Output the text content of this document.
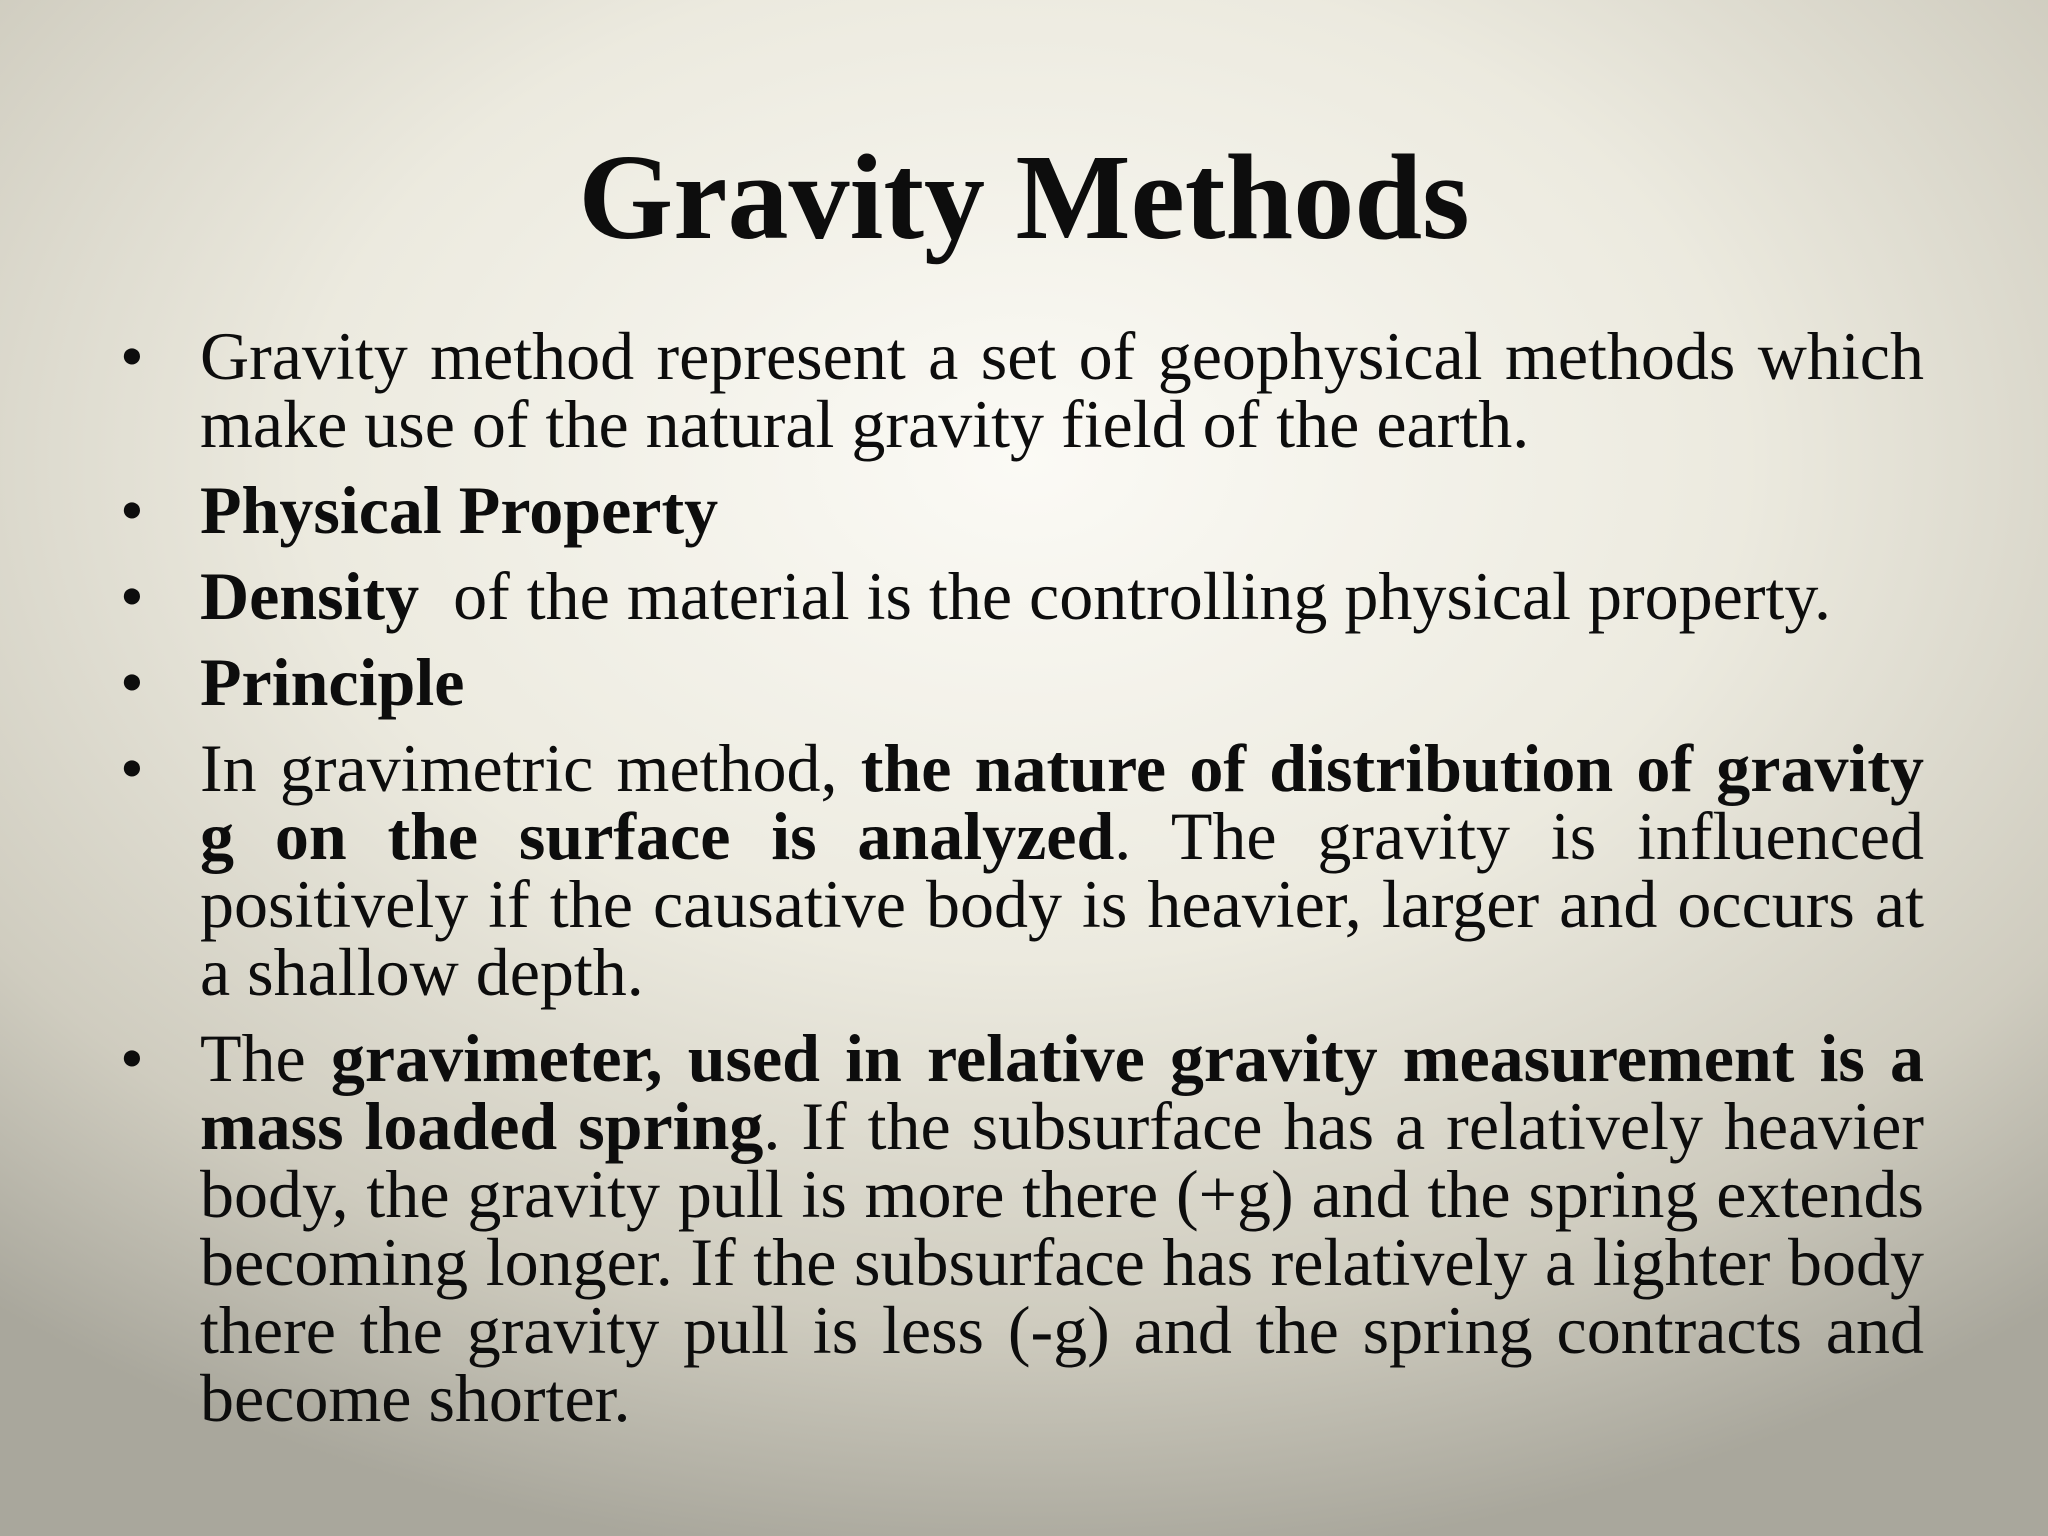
Gravity Methods
• Gravity method represent a set of geophysical methods which make use of the natural gravity field of the earth.
• Physical Property
• Density  of the material is the controlling physical property.
• Principle
• In gravimetric method, the nature of distribution of gravity g on the surface is analyzed. The gravity is influenced positively if the causative body is heavier, larger and occurs at a shallow depth.
• The gravimeter, used in relative gravity measurement is a mass loaded spring. If the subsurface has a relatively heavier body, the gravity pull is more there (+g) and the spring extends becoming longer. If the subsurface has relatively a lighter body there the gravity pull is less (-g) and the spring contracts and become shorter.
